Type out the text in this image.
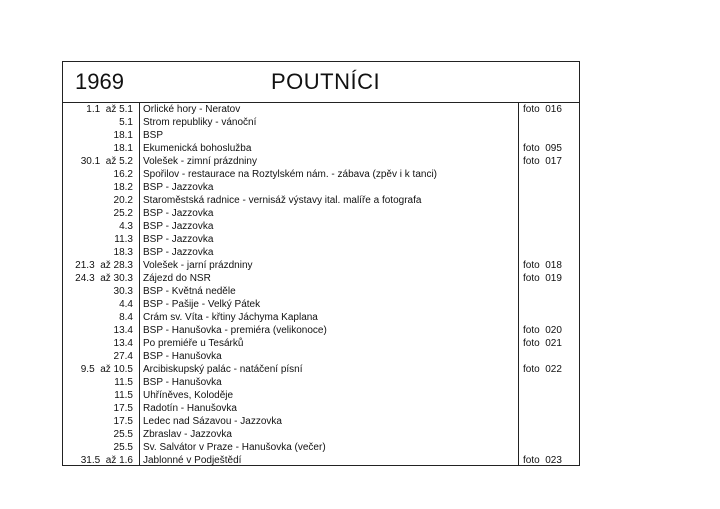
1969	POUTNÍCI
1.1  až 5.1 Orlické hory - Neratov	foto  016
5.1 Strom republiky - vánoční
18.1 BSP
18.1 Ekumenická bohoslužba	foto  095
30.1  až 5.2 Volešek - zimní prázdniny	foto  017
16.2 Spořilov - restaurace na Roztylském nám. - zábava (zpěv i k tanci)
18.2 BSP - Jazzovka
20.2 Staroměstská radnice - vernisáž výstavy ital. malíře a fotografa
25.2 BSP - Jazzovka
4.3 BSP - Jazzovka
11.3 BSP - Jazzovka
18.3 BSP - Jazzovka
21.3  až 28.3 Volešek - jarní prázdniny	foto  018
24.3  až 30.3 Zájezd do NSR	foto  019
30.3 BSP - Květná neděle
4.4 BSP - Pašije - Velký Pátek
8.4 Crám sv. Víta - křtiny Jáchyma Kaplana
13.4 BSP - Hanušovka - premiéra (velikonoce)	foto  020
13.4 Po premiéře u Tesárků	foto  021
27.4 BSP - Hanušovka
9.5  až 10.5 Arcibiskupský palác - natáčení písní	foto  022
11.5 BSP - Hanušovka
11.5 Uhříněves, Koloděje
17.5 Radotín - Hanušovka
17.5 Ledec nad Sázavou - Jazzovka
25.5 Zbraslav - Jazzovka
25.5 Sv. Salvátor v Praze - Hanušovka (večer)
31.5  až 1.6 Jablonné v Podještědí	foto  023
